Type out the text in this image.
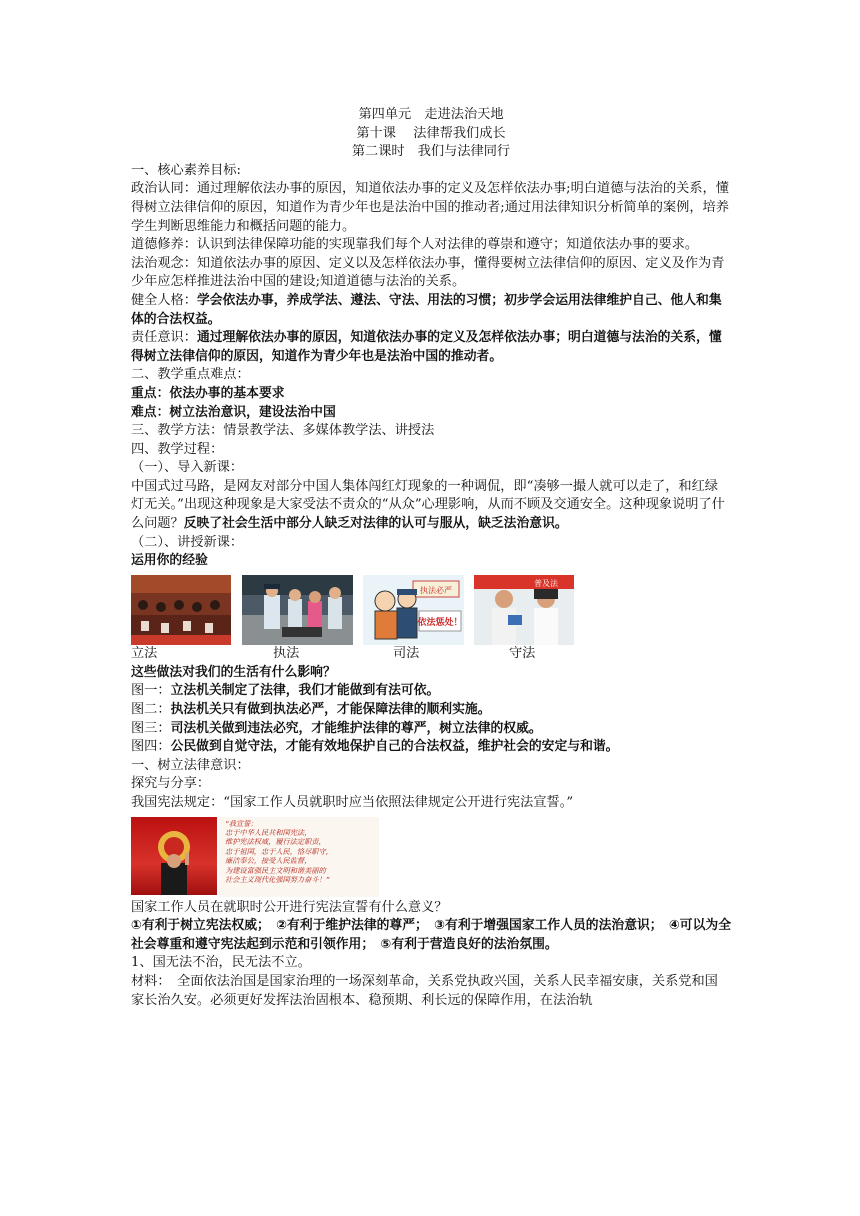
第四单元　走进法治天地

第十课　 法律帮我们成长

第二课时　我们与法律同行

一、核心素养目标:

政治认同：通过理解依法办事的原因，知道依法办事的定义及怎样依法办事;明白道德与法治的关系，懂得树立法律信仰的原因，知道作为青少年也是法治中国的推动者;通过用法律知识分析简单的案例，培养学生判断思维能力和概括问题的能力。

道德修养：认识到法律保障功能的实现靠我们每个人对法律的尊崇和遵守；知道依法办事的要求。

法治观念：知道依法办事的原因、定义以及怎样依法办事，懂得要树立法律信仰的原因、定义及作为青少年应怎样推进法治中国的建设;知道道德与法治的关系。

健全人格：学会依法办事，养成学法、遵法、守法、用法的习惯；初步学会运用法律维护自己、他人和集体的合法权益。

责任意识：通过理解依法办事的原因，知道依法办事的定义及怎样依法办事；明白道德与法治的关系，懂得树立法律信仰的原因，知道作为青少年也是法治中国的推动者。

二、教学重点难点：

重点：依法办事的基本要求

难点：树立法治意识，建设法治中国

三、教学方法：情景教学法、多媒体教学法、讲授法

四、教学过程：

（一）、导入新课：

中国式过马路，是网友对部分中国人集体闯红灯现象的一种调侃，即“凑够一撮人就可以走了，和红绿灯无关。”出现这种现象是大家受法不责众的“从众”心理影响，从而不顾及交通安全。这种现象说明了什么问题？反映了社会生活中部分人缺乏对法律的认可与服从，缺乏法治意识。

（二）、讲授新课：

运用你的经验

执法必严
依法惩处！
普及法
立法	执法	司法	守法

这些做法对我们的生活有什么影响？

图一：立法机关制定了法律，我们才能做到有法可依。

图二：执法机关只有做到执法必严，才能保障法律的顺利实施。

图三：司法机关做到违法必究，才能维护法律的尊严，树立法律的权威。

图四：公民做到自觉守法，才能有效地保护自己的合法权益，维护社会的安定与和谐。

一、树立法律意识：

探究与分享：

我国宪法规定：“国家工作人员就职时应当依照法律规定公开进行宪法宣誓。”

“我宣誓：
忠于中华人民共和国宪法，
维护宪法权威，履行法定职责，
忠于祖国，忠于人民，恪尽职守，
廉洁奉公，接受人民监督，
为建设富强民主文明和谐美丽的
社会主义现代化强国努力奋斗！”

国家工作人员在就职时公开进行宪法宣誓有什么意义？

①有利于树立宪法权威；　②有利于维护法律的尊严；　③有利于增强国家工作人员的法治意识；　④可以为全社会尊重和遵守宪法起到示范和引领作用；　⑤有利于营造良好的法治氛围。

1、国无法不治，民无法不立。

材料：　全面依法治国是国家治理的一场深刻革命，关系党执政兴国，关系人民幸福安康，关系党和国家长治久安。必须更好发挥法治固根本、稳预期、利长远的保障作用，在法治轨
